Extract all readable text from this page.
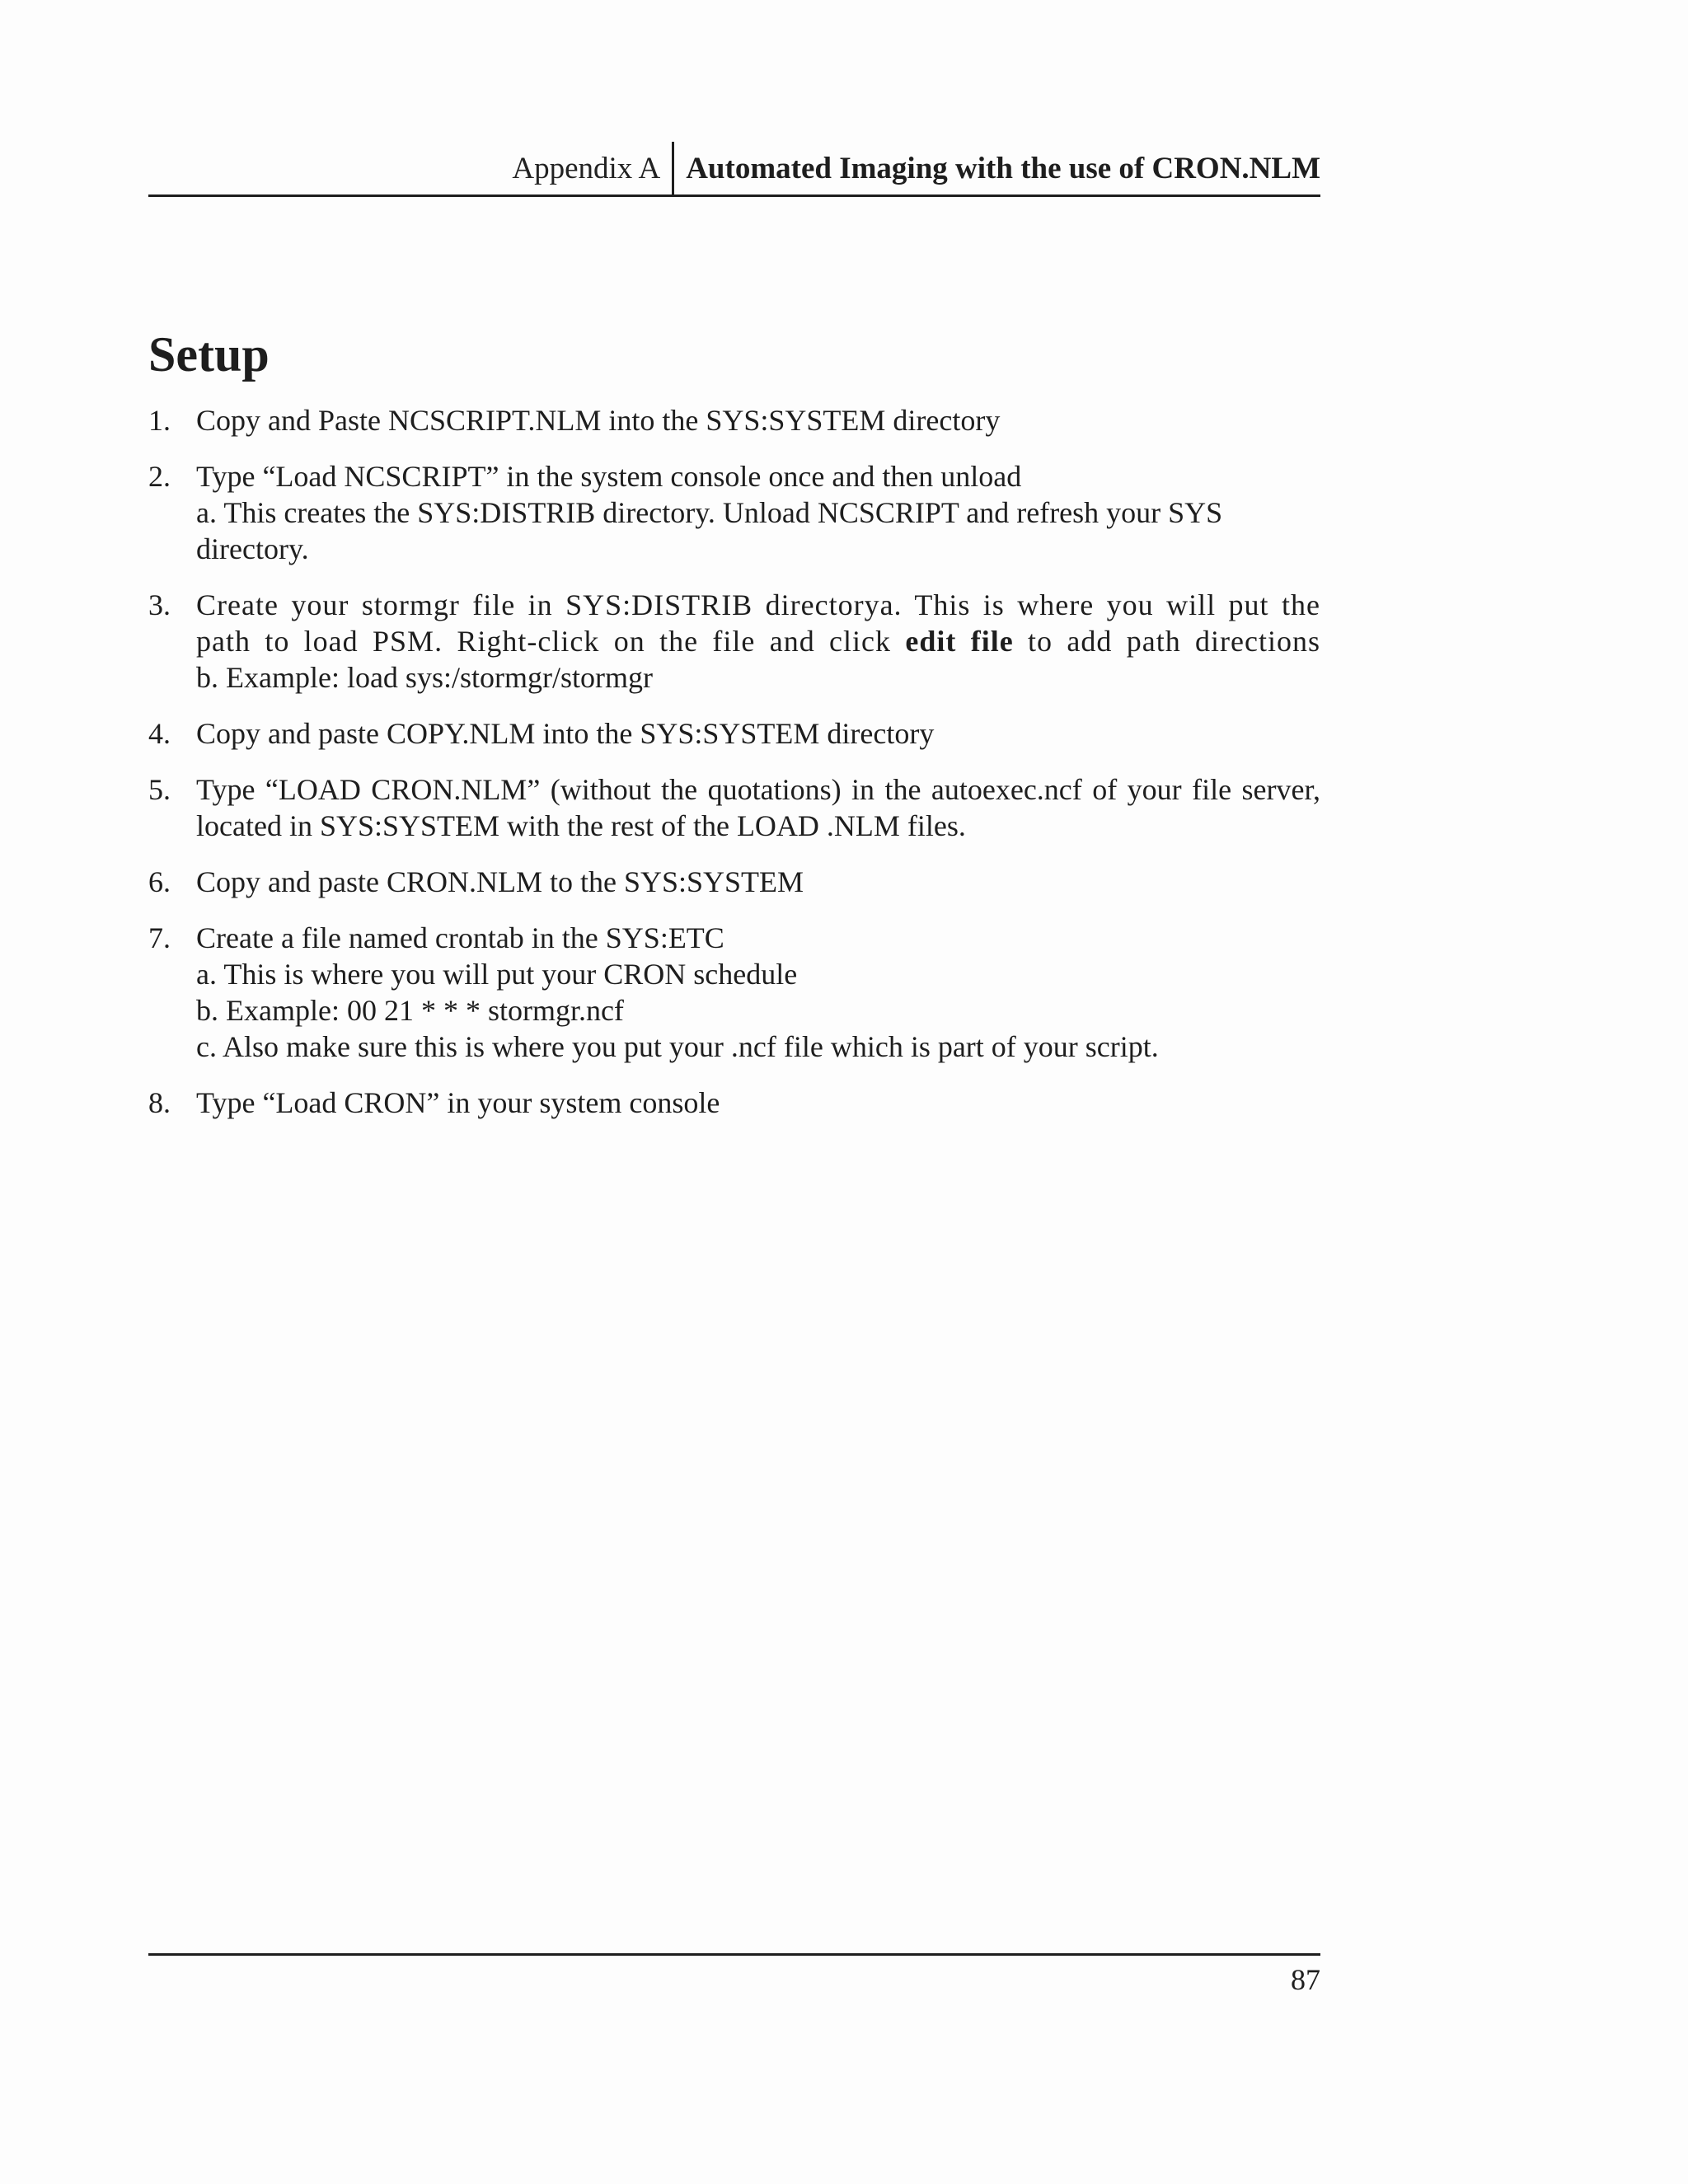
Appendix A Automated Imaging with the use of CRON.NLM
Setup
1. Copy and Paste NCSCRIPT.NLM into the SYS:SYSTEM directory
2. Type “Load NCSCRIPT” in the system console once and then unload
a. This creates the SYS:DISTRIB directory. Unload NCSCRIPT and refresh your SYS
directory.
3. Create your stormgr file in SYS:DISTRIB directorya. This is where you will put the
path to load PSM. Right-click on the file and click edit file to add path directions
b. Example: load sys:/stormgr/stormgr
4. Copy and paste COPY.NLM into the SYS:SYSTEM directory
5. Type “LOAD CRON.NLM” (without the quotations) in the autoexec.ncf of your file server,
located in SYS:SYSTEM with the rest of the LOAD .NLM files.
6. Copy and paste CRON.NLM to the SYS:SYSTEM
7. Create a file named crontab in the SYS:ETC
a. This is where you will put your CRON schedule
b. Example: 00 21 * * * stormgr.ncf
c. Also make sure this is where you put your .ncf file which is part of your script.
8. Type “Load CRON” in your system console
87
